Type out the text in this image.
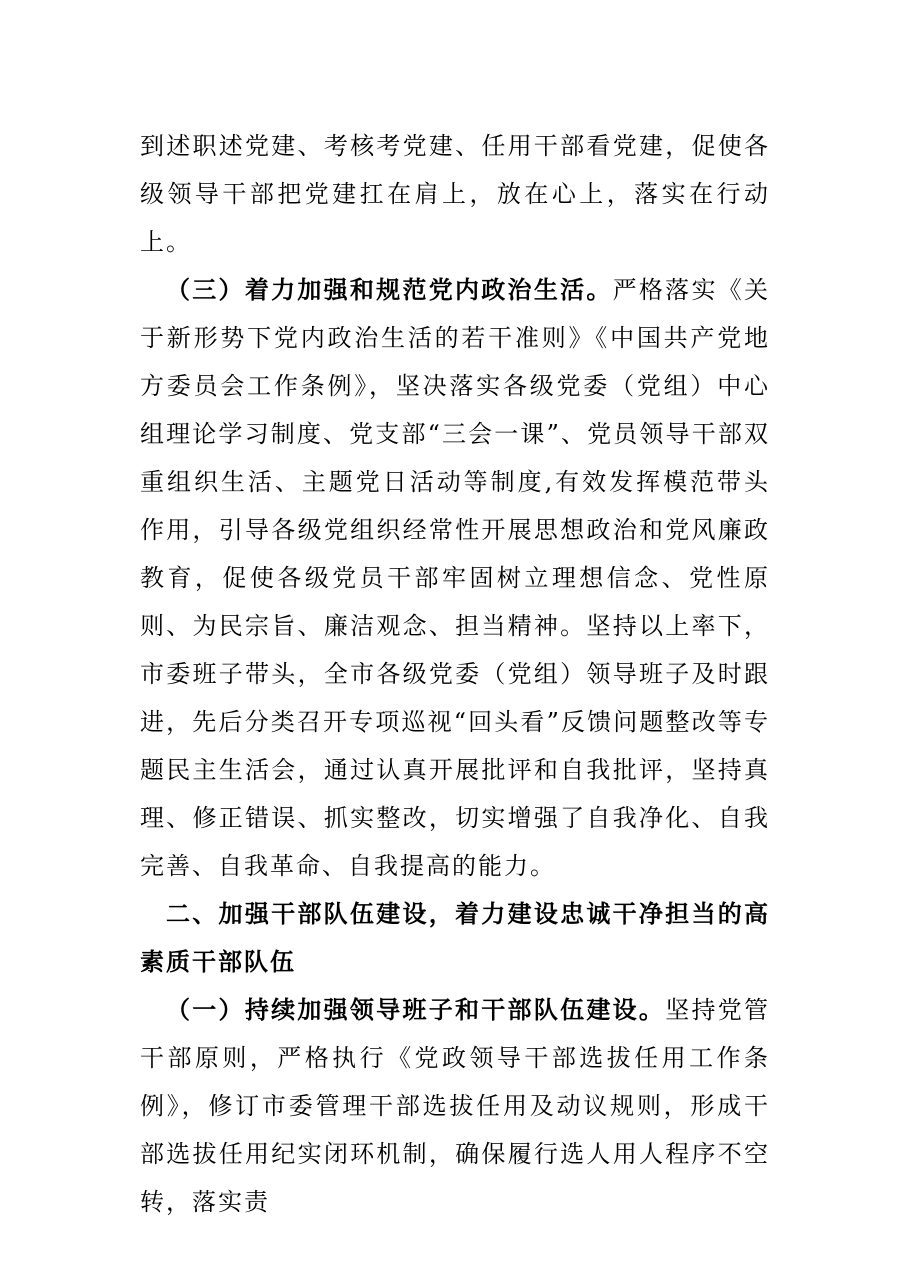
到述职述党建、考核考党建、任用干部看党建，促使各级领导干部把党建扛在肩上，放在心上，落实在行动上。

（三）着力加强和规范党内政治生活。严格落实《关于新形势下党内政治生活的若干准则》《中国共产党地方委员会工作条例》，坚决落实各级党委（党组）中心组理论学习制度、党支部“三会一课”、党员领导干部双重组织生活、主题党日活动等制度,有效发挥模范带头作用，引导各级党组织经常性开展思想政治和党风廉政教育，促使各级党员干部牢固树立理想信念、党性原则、为民宗旨、廉洁观念、担当精神。坚持以上率下，市委班子带头，全市各级党委（党组）领导班子及时跟进，先后分类召开专项巡视“回头看”反馈问题整改等专题民主生活会，通过认真开展批评和自我批评，坚持真理、修正错误、抓实整改，切实增强了自我净化、自我完善、自我革命、自我提高的能力。

二、加强干部队伍建设，着力建设忠诚干净担当的高素质干部队伍

（一）持续加强领导班子和干部队伍建设。坚持党管干部原则，严格执行《党政领导干部选拔任用工作条例》，修订市委管理干部选拔任用及动议规则，形成干部选拔任用纪实闭环机制，确保履行选人用人程序不空转，落实责
